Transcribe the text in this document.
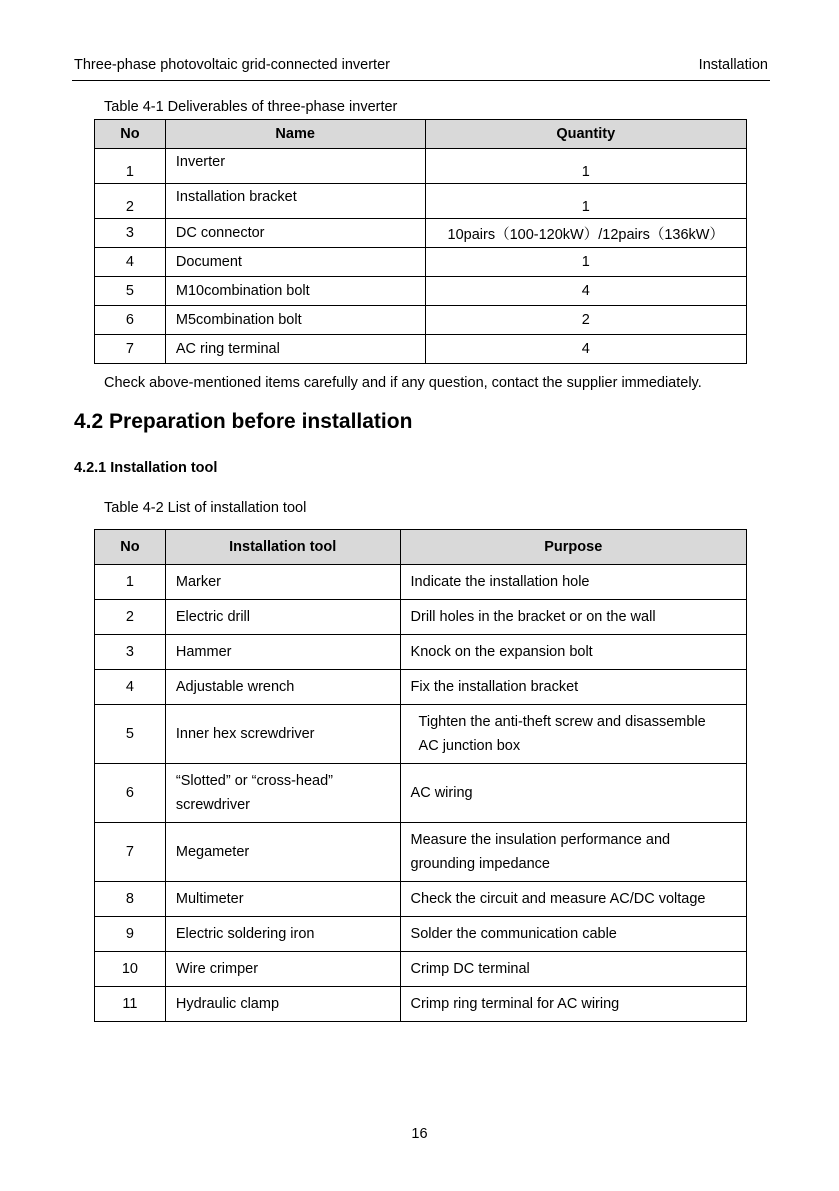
Three-phase photovoltaic grid-connected inverter	Installation
Table 4-1 Deliverables of three-phase inverter
No	Name	Quantity
1	Inverter	1
2	Installation bracket	1
3	DC connector	10pairs（100-120kW）/12pairs（136kW）
4	Document	1
5	M10combination bolt	4
6	M5combination bolt	2
7	AC ring terminal	4
Check above-mentioned items carefully and if any question, contact the supplier immediately.
4.2 Preparation before installation
4.2.1 Installation tool
Table 4-2 List of installation tool
No	Installation tool	Purpose
1	Marker	Indicate the installation hole

2	Electric drill	Drill holes in the bracket or on the wall

3	Hammer	Knock on the expansion bolt

4	Adjustable wrench	Fix the installation bracket

5	Inner hex screwdriver	Tighten the anti-theft screw and disassemble
AC junction box

6	“Slotted” or “cross-head”
screwdriver	AC wiring

7	Megameter	Measure the insulation performance and
grounding impedance

8	Multimeter	Check the circuit and measure AC/DC voltage

9	Electric soldering iron	Solder the communication cable

10	Wire crimper	Crimp DC terminal

11	Hydraulic clamp	Crimp ring terminal for AC wiring
16
